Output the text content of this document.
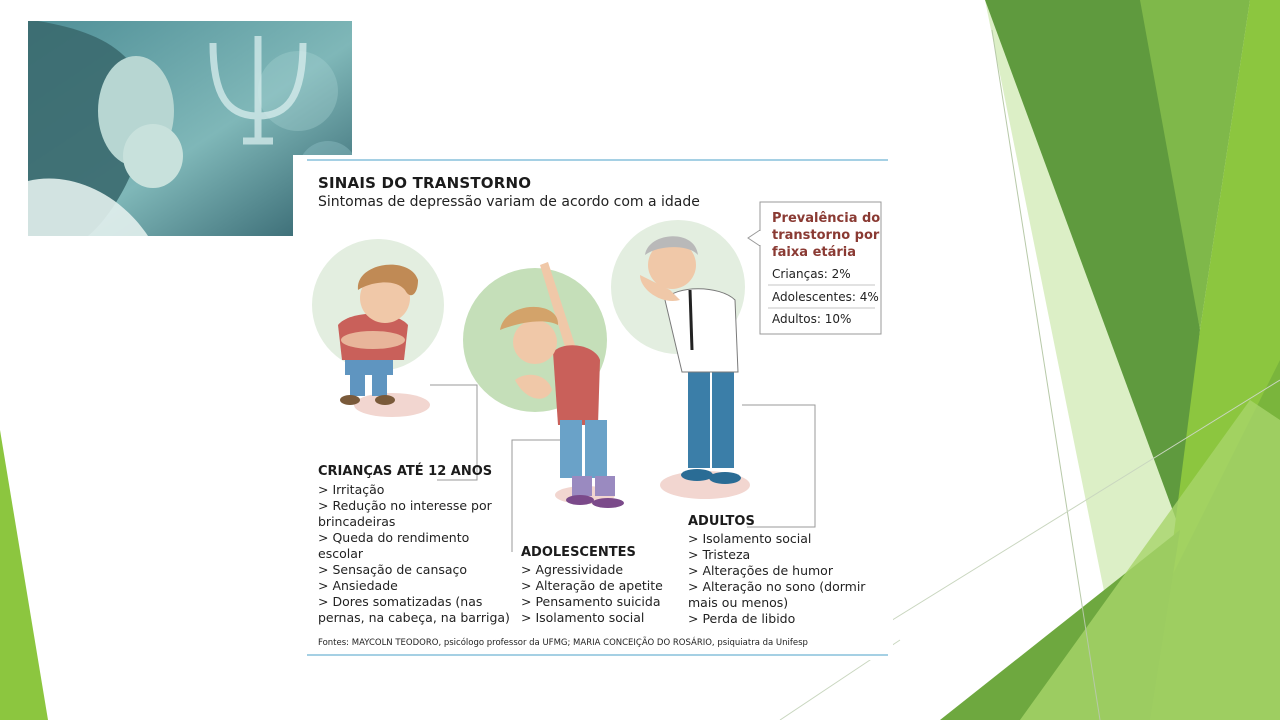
SINAIS DO TRANSTORNO
Sintomas de depressão variam de acordo com a idade
Prevalência do transtorno por faixa etária
Crianças: 2%
Adolescentes: 4%
Adultos: 10%
CRIANÇAS ATÉ 12 ANOS
> Irritação
> Redução no interesse por
brincadeiras
> Queda do rendimento
escolar
> Sensação de cansaço
> Ansiedade
> Dores somatizadas (nas
pernas, na cabeça, na barriga)
ADOLESCENTES
> Agressividade
> Alteração de apetite
> Pensamento suicida
> Isolamento social
ADULTOS
> Isolamento social
> Tristeza
> Alterações de humor
> Alteração no sono (dormir
mais ou menos)
> Perda de libido
Fontes: MAYCOLN TEODORO, psicólogo professor da UFMG; MARIA CONCEIÇÃO DO ROSÁRIO, psiquiatra da Unifesp
